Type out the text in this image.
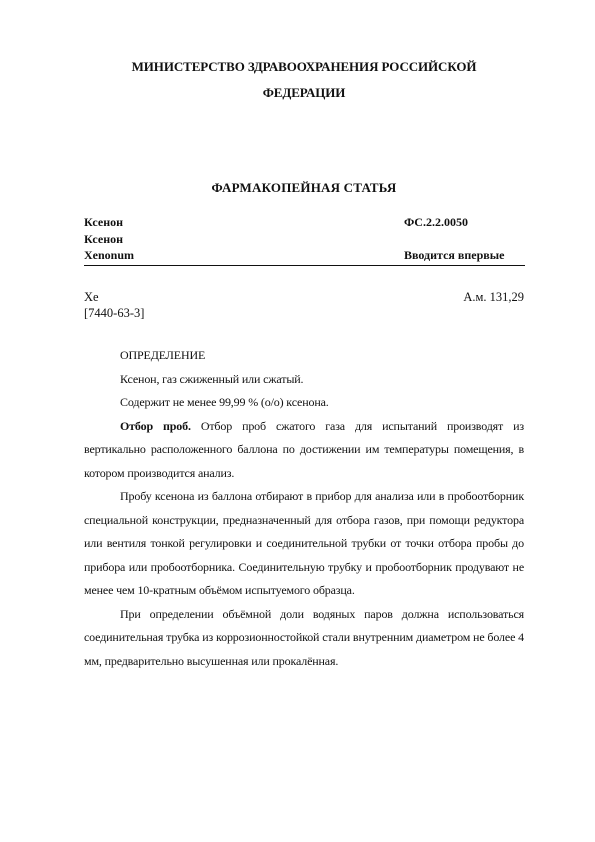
МИНИСТЕРСТВО ЗДРАВООХРАНЕНИЯ РОССИЙСКОЙ
ФЕДЕРАЦИИ
ФАРМАКОПЕЙНАЯ СТАТЬЯ
Ксенон	ФС.2.2.0050
Ксенон
Xenonum	Вводится впервые
Xe	А.м. 131,29
[7440-63-3]

ОПРЕДЕЛЕНИЕ

Ксенон, газ сжиженный или сжатый.

Содержит не менее 99,99 % (о/о) ксенона.

Отбор проб. Отбор проб сжатого газа для испытаний производят из вертикально расположенного баллона по достижении им температуры помещения, в котором производится анализ.

Пробу ксенона из баллона отбирают в прибор для анализа или в пробоотборник специальной конструкции, предназначенный для отбора газов, при помощи редуктора или вентиля тонкой регулировки и соединительной трубки от точки отбора пробы до прибора или пробоотборника. Соединительную трубку и пробоотборник продувают не менее чем 10-кратным объёмом испытуемого образца.

При определении объёмной доли водяных паров должна использоваться соединительная трубка из коррозионностойкой стали внутренним диаметром не более 4 мм, предварительно высушенная или прокалённая.
